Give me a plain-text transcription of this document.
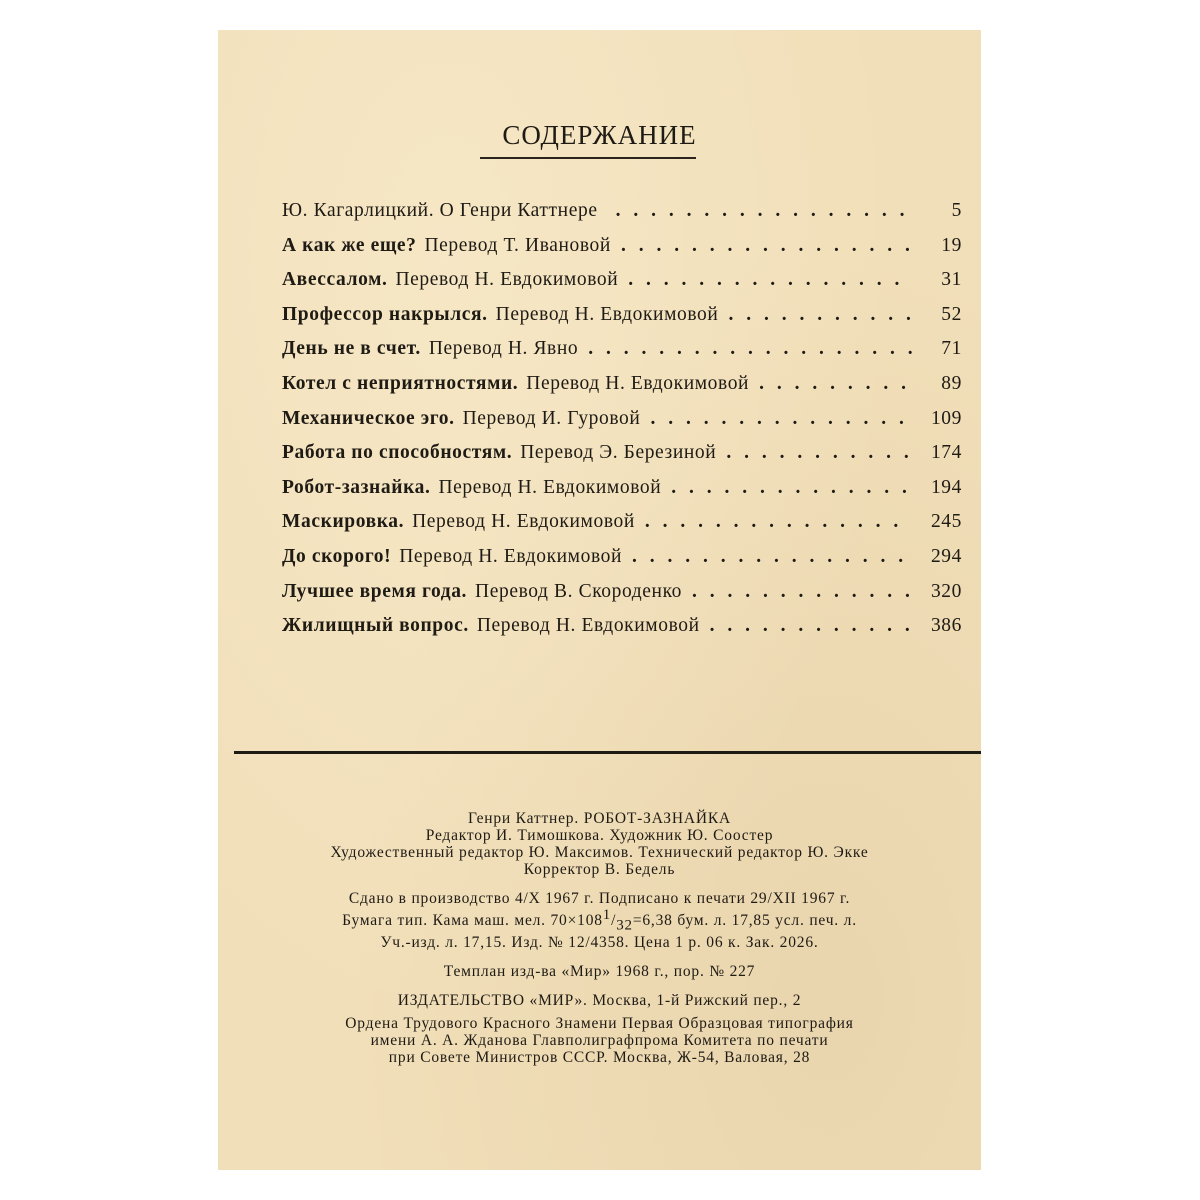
СОДЕРЖАНИЕ
Ю. Кагарлицкий. О Генри Каттнере . . .	5
А как же еще? Перевод Т. Ивановой . . .	19
Авессалом. Перевод Н. Евдокимовой . . .	31
Профессор накрылся. Перевод Н. Евдокимовой . . .	52
День не в счет. Перевод Н. Явно . . .	71
Котел с неприятностями. Перевод Н. Евдокимовой . . .	89
Механическое эго. Перевод И. Гуровой . . .	109
Работа по способностям. Перевод Э. Березиной . . .	174
Робот-зазнайка. Перевод Н. Евдокимовой . . .	194
Маскировка. Перевод Н. Евдокимовой . . .	245
До скорого! Перевод Н. Евдокимовой . . .	294
Лучшее время года. Перевод В. Скороденко . . .	320
Жилищный вопрос. Перевод Н. Евдокимовой . . .	386

Генри Каттнер. РОБОТ-ЗАЗНАЙКА

Редактор И. Тимошкова. Художник Ю. Соостер

Художественный редактор Ю. Максимов. Технический редактор Ю. Экке

Корректор В. Бедель

Сдано в производство 4/X 1967 г. Подписано к печати 29/XII 1967 г.

Бумага тип. Кама маш. мел. $70\times 108^1/_{32}=6,38$ бум. л. 17,85 усл. печ. л.

Уч.-изд. л. 17,15. Изд. № 12/4358. Цена 1 р. 06 к. Зак. 2026.

Темплан изд-ва «Мир» 1968 г., пор. № 227

ИЗДАТЕЛЬСТВО «МИР». Москва, 1-й Рижский пер., 2

Ордена Трудового Красного Знамени Первая Образцовая типография

имени А. А. Жданова Главполиграфпрома Комитета по печати

при Совете Министров СССР. Москва, Ж-54, Валовая, 28
